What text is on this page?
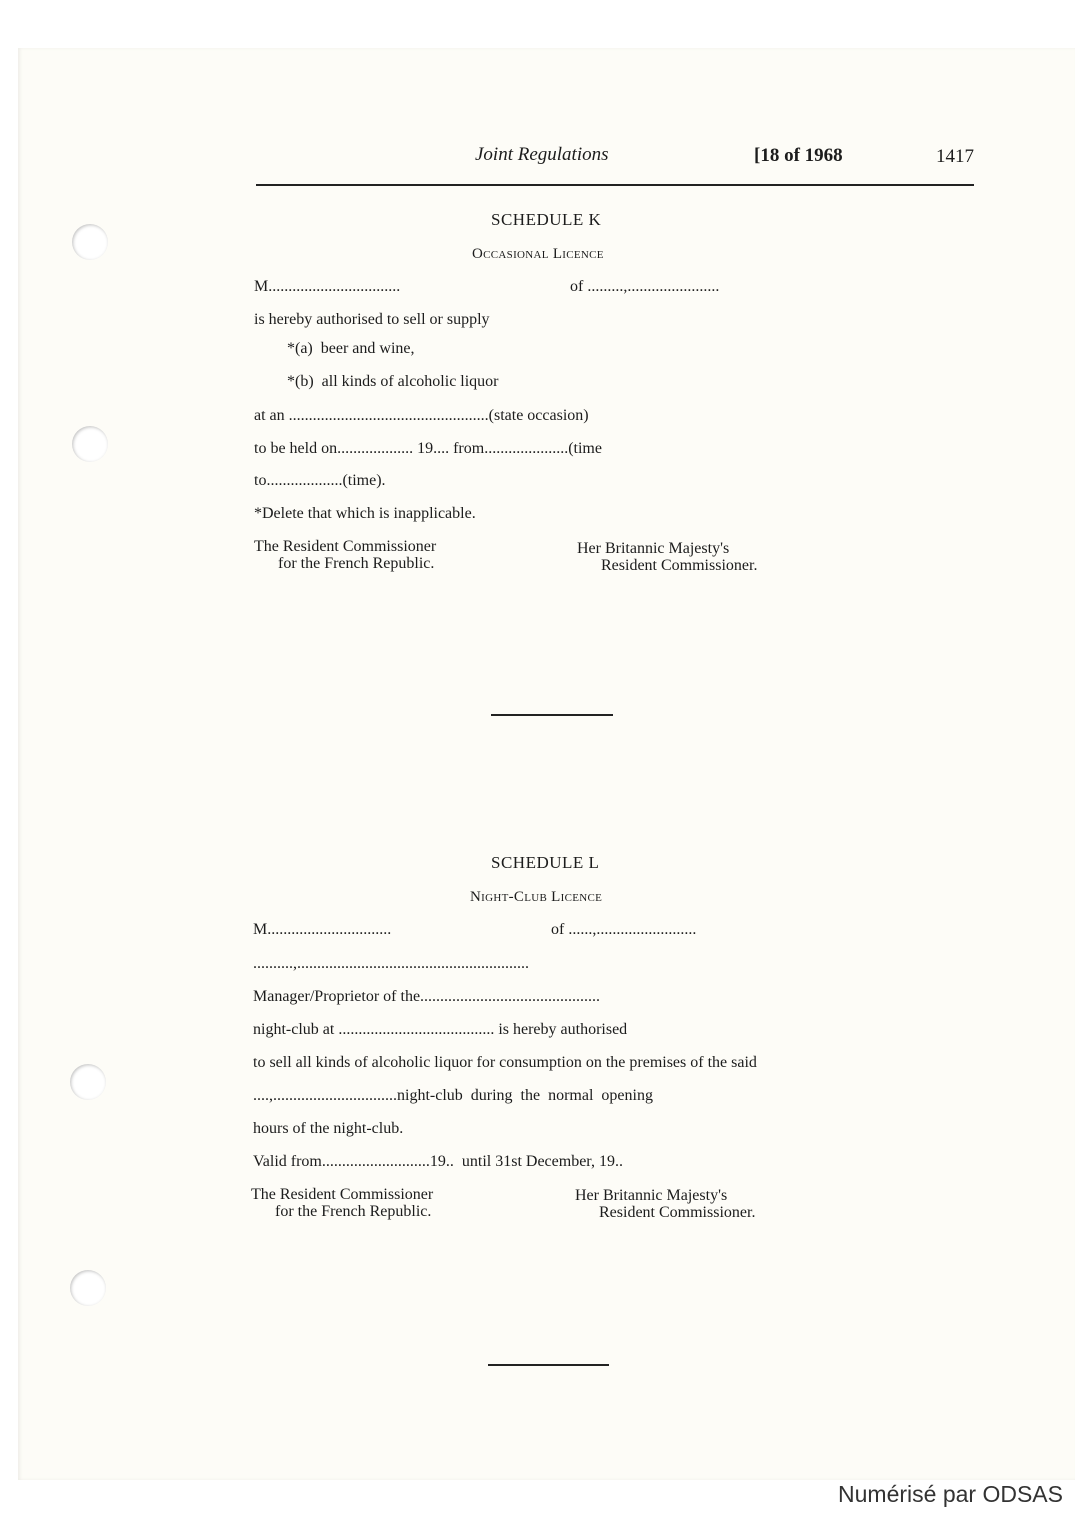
Joint Regulations	[18 of 1968	1417
SCHEDULE K
Occasional Licence
M.................................	of .........,.......................
is hereby authorised to sell or supply
*(a)  beer and wine,
*(b)  all kinds of alcoholic liquor
at an ..................................................(state occasion)
to be held on................... 19.... from.....................(time
to...................(time).
*Delete that which is inapplicable.
The Resident Commissioner
for the French Republic.
Her Britannic Majesty's
Resident Commissioner.
SCHEDULE L
Night-Club Licence
M...............................	of ......,.........................
..........,..........................................................
Manager/Proprietor of the.............................................
night-club at ....................................... is hereby authorised
to sell all kinds of alcoholic liquor for consumption on the premises of the said
....,...............................night-club  during  the  normal  opening
hours of the night-club.
Valid from...........................19..  until 31st December, 19..
The Resident Commissioner
for the French Republic.
Her Britannic Majesty's
Resident Commissioner.
Numérisé par ODSAS
